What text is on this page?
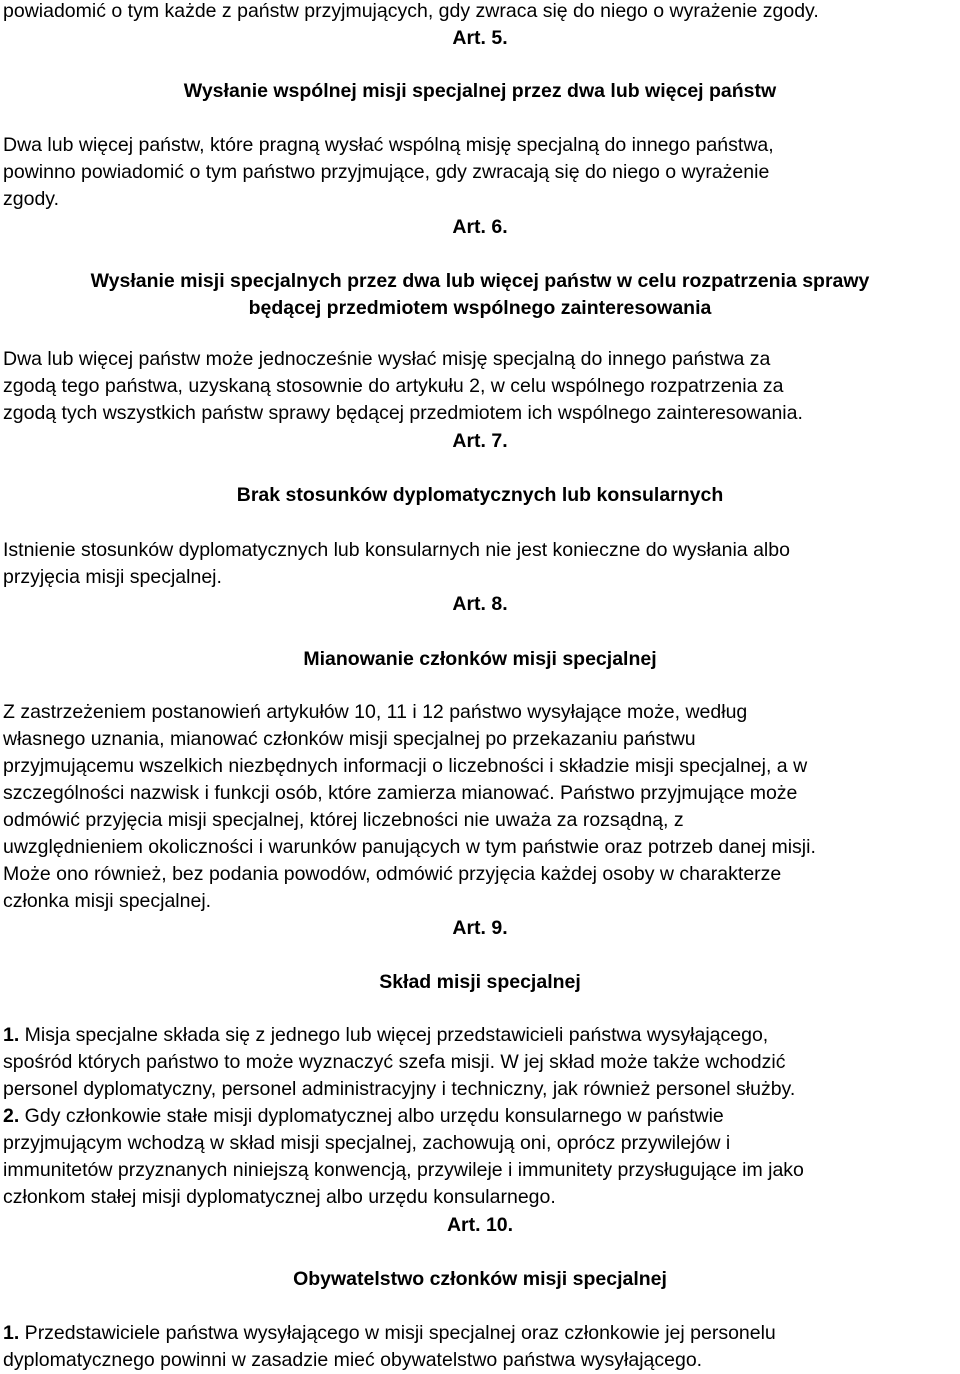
powiadomić o tym każde z państw przyjmujących, gdy zwraca się do niego o wyrażenie zgody.

Art. 5.

Wysłanie wspólnej misji specjalnej przez dwa lub więcej państw

Dwa lub więcej państw, które pragną wysłać wspólną misję specjalną do innego państwa,

powinno powiadomić o tym państwo przyjmujące, gdy zwracają się do niego o wyrażenie

zgody.

Art. 6.

Wysłanie misji specjalnych przez dwa lub więcej państw w celu rozpatrzenia sprawy

będącej przedmiotem wspólnego zainteresowania

Dwa lub więcej państw może jednocześnie wysłać misję specjalną do innego państwa za

zgodą tego państwa, uzyskaną stosownie do artykułu 2, w celu wspólnego rozpatrzenia za

zgodą tych wszystkich państw sprawy będącej przedmiotem ich wspólnego zainteresowania.

Art. 7.

Brak stosunków dyplomatycznych lub konsularnych

Istnienie stosunków dyplomatycznych lub konsularnych nie jest konieczne do wysłania albo

przyjęcia misji specjalnej.

Art. 8.

Mianowanie członków misji specjalnej

Z zastrzeżeniem postanowień artykułów 10, 11 i 12 państwo wysyłające może, według

własnego uznania, mianować członków misji specjalnej po przekazaniu państwu

przyjmującemu wszelkich niezbędnych informacji o liczebności i składzie misji specjalnej, a w

szczególności nazwisk i funkcji osób, które zamierza mianować. Państwo przyjmujące może

odmówić przyjęcia misji specjalnej, której liczebności nie uważa za rozsądną, z

uwzględnieniem okoliczności i warunków panujących w tym państwie oraz potrzeb danej misji.

Może ono również, bez podania powodów, odmówić przyjęcia każdej osoby w charakterze

członka misji specjalnej.

Art. 9.

Skład misji specjalnej

1. Misja specjalne składa się z jednego lub więcej przedstawicieli państwa wysyłającego,

spośród których państwo to może wyznaczyć szefa misji. W jej skład może także wchodzić

personel dyplomatyczny, personel administracyjny i techniczny, jak również personel służby.

2. Gdy członkowie stałe misji dyplomatycznej albo urzędu konsularnego w państwie

przyjmującym wchodzą w skład misji specjalnej, zachowują oni, oprócz przywilejów i

immunitetów przyznanych niniejszą konwencją, przywileje i immunitety przysługujące im jako

członkom stałej misji dyplomatycznej albo urzędu konsularnego.

Art. 10.

Obywatelstwo członków misji specjalnej

1. Przedstawiciele państwa wysyłającego w misji specjalnej oraz członkowie jej personelu

dyplomatycznego powinni w zasadzie mieć obywatelstwo państwa wysyłającego.
